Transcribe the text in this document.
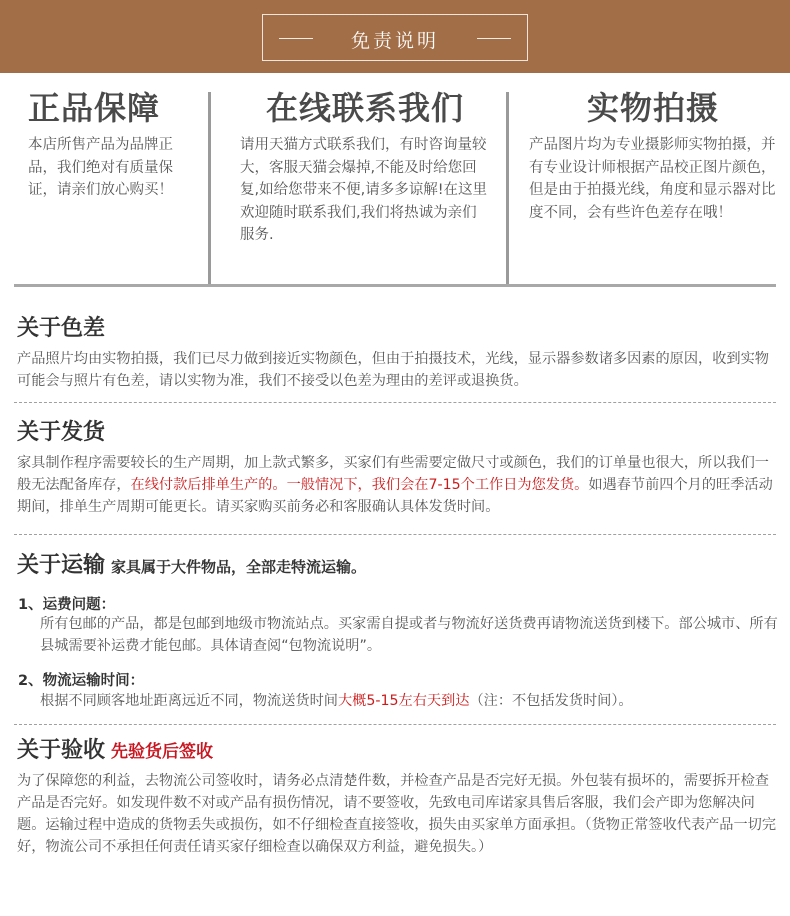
免责说明
正品保障
本店所售产品为品牌正品，我们绝对有质量保证，请亲们放心购买！
在线联系我们
请用天猫方式联系我们，有时咨询量较大，客服天猫会爆掉,不能及时给您回复,如给您带来不便,请多多谅解!在这里欢迎随时联系我们,我们将热诚为亲们服务.
实物拍摄
产品图片均为专业摄影师实物拍摄，并有专业设计师根据产品校正图片颜色，但是由于拍摄光线，角度和显示器对比度不同，会有些许色差存在哦！
关于色差
产品照片均由实物拍摄，我们已尽力做到接近实物颜色，但由于拍摄技术，光线，显示器参数诸多因素的原因，收到实物可能会与照片有色差，请以实物为准，我们不接受以色差为理由的差评或退换货。
关于发货
家具制作程序需要较长的生产周期，加上款式繁多，买家们有些需要定做尺寸或颜色，我们的订单量也很大，所以我们一般无法配备库存，在线付款后排单生产的。一般情况下，我们会在7-15个工作日为您发货。如遇春节前四个月的旺季活动期间，排单生产周期可能更长。请买家购买前务必和客服确认具体发货时间。
关于运输 家具属于大件物品，全部走特流运输。
1、运费问题：
所有包邮的产品，都是包邮到地级市物流站点。买家需自提或者与物流好送货费再请物流送货到楼下。部公城市、所有县城需要补运费才能包邮。具体请查阅“包物流说明”。
2、物流运输时间：
根据不同顾客地址距离远近不同，物流送货时间大概5-15左右天到达（注：不包括发货时间）。
关于验收 先验货后签收
为了保障您的利益，去物流公司签收时，请务必点清楚件数，并检查产品是否完好无损。外包装有损坏的，需要拆开检查产品是否完好。如发现件数不对或产品有损伤情况，请不要签收，先致电司库诺家具售后客服，我们会产即为您解决问题。运输过程中造成的货物丢失或损伤，如不仔细检查直接签收，损失由买家单方面承担。（货物正常签收代表产品一切完好，物流公司不承担任何责任请买家仔细检查以确保双方利益，避免损失。）
